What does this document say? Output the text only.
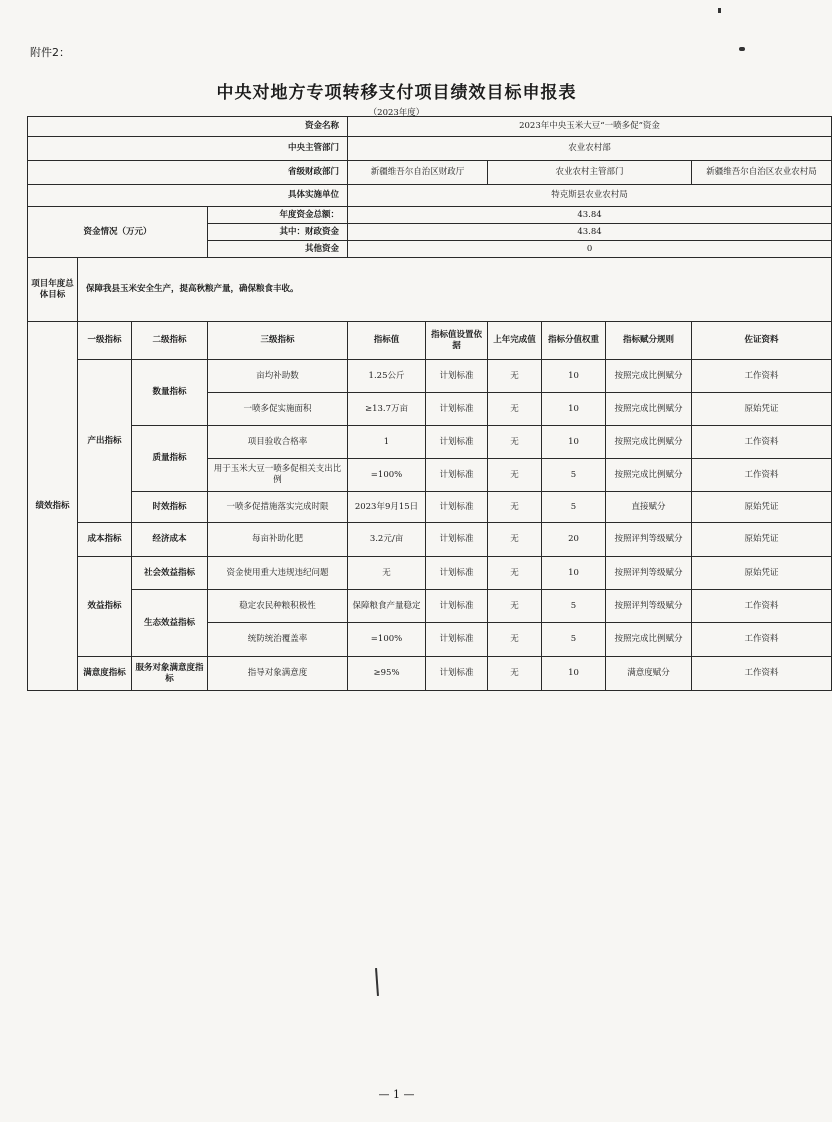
附件2：
中央对地方专项转移支付项目绩效目标申报表
（2023年度）
资金名称				2023年中央玉米大豆“一喷多促”资金					
中央主管部门				农业农村部					
省级财政部门				新疆维吾尔自治区财政厅		农业农村主管部门			新疆维吾尔自治区农业农村局
具体实施单位				特克斯县农业农村局					
资金情况（万元）			年度资金总额：	43.84					
			其中：财政资金	43.84					
			其他资金	0					
项目年度总体目标	保障我县玉米安全生产，提高秋粮产量，确保粮食丰收。								
绩效指标	一级指标	二级指标	三级指标	指标值	指标值设置依据	上年完成值	指标分值权重	指标赋分规则	佐证资料
	产出指标	数量指标	亩均补助数	1.25公斤	计划标准	无	10	按照完成比例赋分	工作资料
			一喷多促实施面积	≥13.7万亩	计划标准	无	10	按照完成比例赋分	原始凭证
		质量指标	项目验收合格率	1	计划标准	无	10	按照完成比例赋分	工作资料
			用于玉米大豆一喷多促相关支出比例	=100%	计划标准	无	5	按照完成比例赋分	工作资料
		时效指标	一喷多促措施落实完成时限	2023年9月15日	计划标准	无	5	直接赋分	原始凭证
	成本指标	经济成本	每亩补助化肥	3.2元/亩	计划标准	无	20	按照评判等级赋分	原始凭证
	效益指标	社会效益指标	资金使用重大违规违纪问题	无	计划标准	无	10	按照评判等级赋分	原始凭证
		生态效益指标	稳定农民种粮积极性	保障粮食产量稳定	计划标准	无	5	按照评判等级赋分	工作资料
			统防统治覆盖率	=100%	计划标准	无	5	按照完成比例赋分	工作资料
	满意度指标	服务对象满意度指标	指导对象满意度	≥95%	计划标准	无	10	满意度赋分	工作资料
— 1 —
